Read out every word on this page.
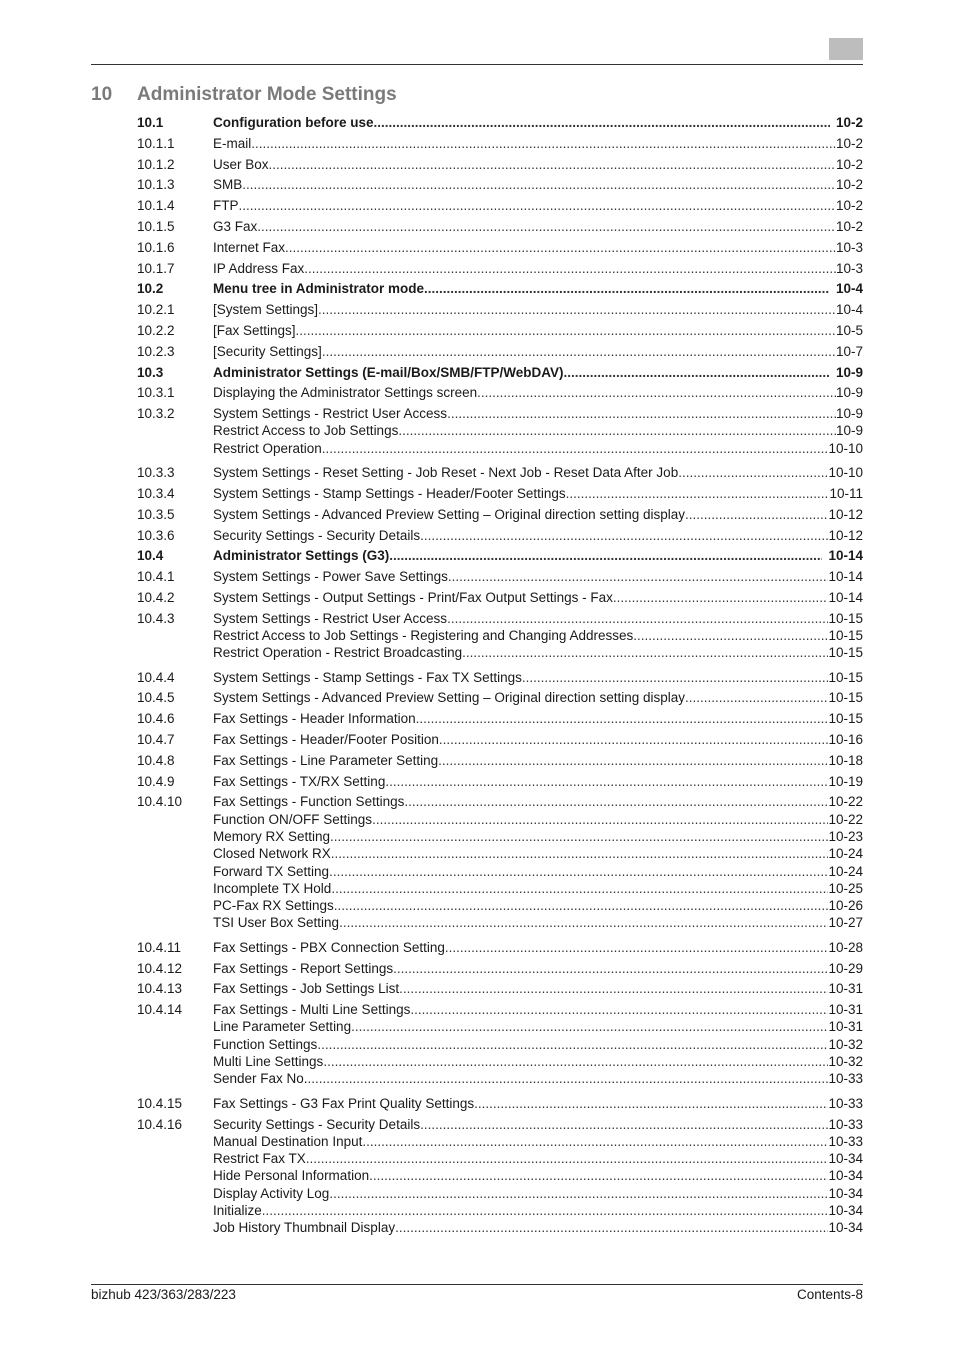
10 Administrator Mode Settings
10.1	Configuration before use .....	10-2
10.1.1	E-mail .....	10-2
10.1.2	User Box .....	10-2
10.1.3	SMB .....	10-2
10.1.4	FTP .....	10-2
10.1.5	G3 Fax .....	10-2
10.1.6	Internet Fax .....	10-3
10.1.7	IP Address Fax .....	10-3
10.2	Menu tree in Administrator mode .....	10-4
10.2.1	[System Settings] .....	10-4
10.2.2	[Fax Settings] .....	10-5
10.2.3	[Security Settings] .....	10-7
10.3	Administrator Settings (E-mail/Box/SMB/FTP/WebDAV) .....	10-9
10.3.1	Displaying the Administrator Settings screen .....	10-9
10.3.2	System Settings - Restrict User Access .....	10-9
Restrict Access to Job Settings .....	10-9
Restrict Operation .....	10-10
10.3.3	System Settings - Reset Setting - Job Reset - Next Job - Reset Data After Job .....	10-10
10.3.4	System Settings - Stamp Settings - Header/Footer Settings .....	10-11
10.3.5	System Settings - Advanced Preview Setting – Original direction setting display .....	10-12
10.3.6	Security Settings - Security Details .....	10-12
10.4	Administrator Settings (G3) .....	10-14
10.4.1	System Settings - Power Save Settings .....	10-14
10.4.2	System Settings - Output Settings - Print/Fax Output Settings - Fax .....	10-14
10.4.3	System Settings - Restrict User Access .....	10-15
Restrict Access to Job Settings - Registering and Changing Addresses .....	10-15
Restrict Operation - Restrict Broadcasting .....	10-15
10.4.4	System Settings - Stamp Settings - Fax TX Settings .....	10-15
10.4.5	System Settings - Advanced Preview Setting – Original direction setting display .....	10-15
10.4.6	Fax Settings - Header Information .....	10-15
10.4.7	Fax Settings - Header/Footer Position .....	10-16
10.4.8	Fax Settings - Line Parameter Setting .....	10-18
10.4.9	Fax Settings - TX/RX Setting .....	10-19
10.4.10	Fax Settings - Function Settings .....	10-22
Function ON/OFF Settings .....	10-22
Memory RX Setting .....	10-23
Closed Network RX .....	10-24
Forward TX Setting .....	10-24
Incomplete TX Hold .....	10-25
PC-Fax RX Settings .....	10-26
TSI User Box Setting .....	10-27
10.4.11	Fax Settings - PBX Connection Setting .....	10-28
10.4.12	Fax Settings - Report Settings .....	10-29
10.4.13	Fax Settings - Job Settings List .....	10-31
10.4.14	Fax Settings - Multi Line Settings .....	10-31
Line Parameter Setting .....	10-31
Function Settings .....	10-32
Multi Line Settings .....	10-32
Sender Fax No. .....	10-33
10.4.15	Fax Settings - G3 Fax Print Quality Settings .....	10-33
10.4.16	Security Settings - Security Details .....	10-33
Manual Destination Input .....	10-33
Restrict Fax TX .....	10-34
Hide Personal Information .....	10-34
Display Activity Log .....	10-34
Initialize .....	10-34
Job History Thumbnail Display .....	10-34
bizhub 423/363/283/223	Contents-8
